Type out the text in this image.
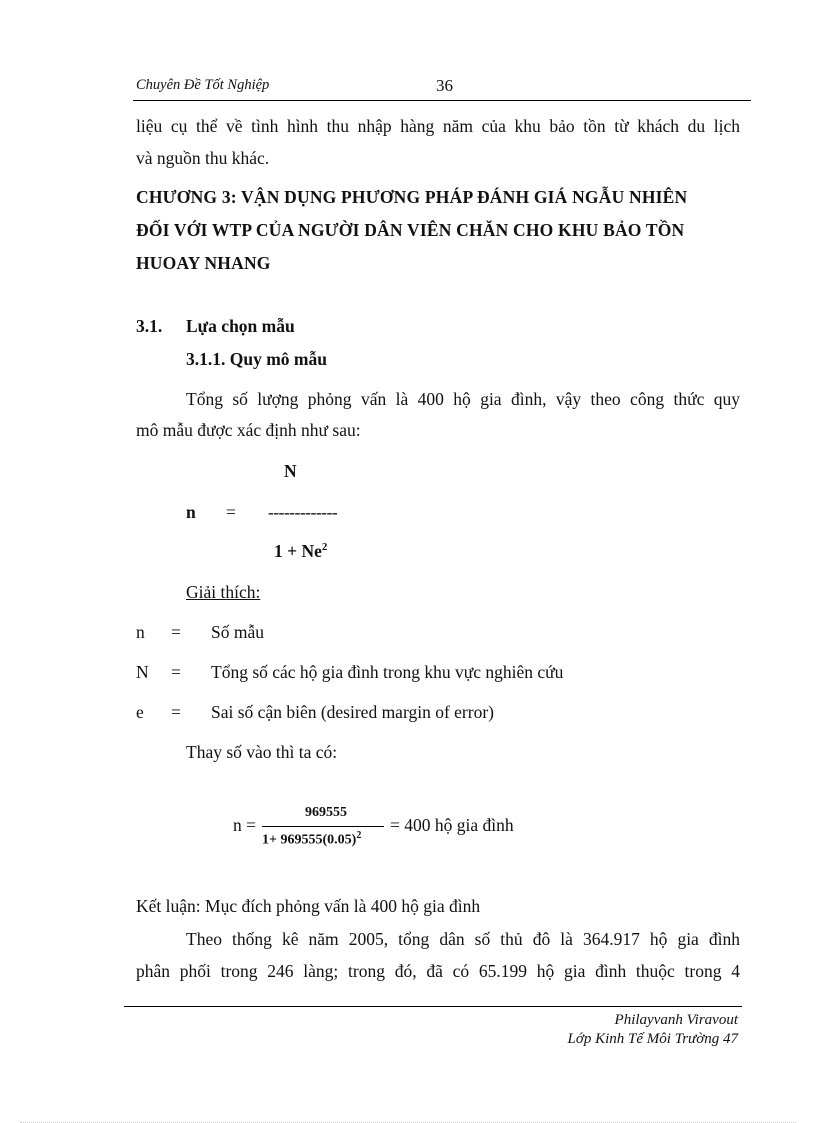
Chuyên Đề Tốt Nghiệp	36
liệu cụ thể về tình hình thu nhập hàng năm của khu bảo tồn từ khách du lịch
và nguồn thu khác.
CHƯƠNG 3: VẬN DỤNG PHƯƠNG PHÁP ĐÁNH GIÁ NGẪU NHIÊN
ĐỐI VỚI WTP CỦA NGƯỜI DÂN VIÊN CHĂN CHO KHU BẢO TỒN
HUOAY NHANG
3.1. Lựa chọn mẫu
3.1.1. Quy mô mẫu
Tổng số lượng phỏng vấn là 400 hộ gia đình, vậy theo công thức quy
mô mẫu được xác định như sau:
N
n = -------------
$1 + Ne^2$
Giải thích:
n = Số mẫu
N = Tổng số các hộ gia đình trong khu vực nghiên cứu
e = Sai số cận biên (desired margin of error)
Thay số vào thì ta có:
n =
969555
$1+ 969555(0.05)^2$
= 400 hộ gia đình
Kết luận: Mục đích phỏng vấn là 400 hộ gia đình
Theo thống kê năm 2005, tổng dân số thủ đô là 364.917 hộ gia đình
phân phối trong 246 làng; trong đó, đã có 65.199 hộ gia đình thuộc trong 4
Philayvanh Viravout
Lớp Kinh Tế Môi Trường 47
